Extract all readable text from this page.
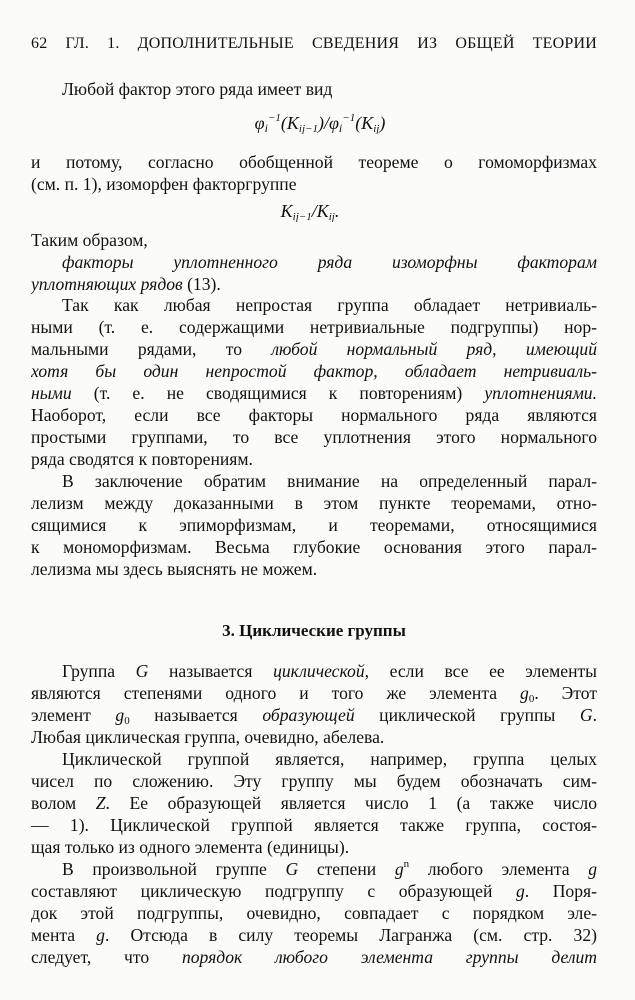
62 ГЛ. 1. ДОПОЛНИТЕЛЬНЫЕ СВЕДЕНИЯ ИЗ ОБЩЕЙ ТЕОРИИ
Любой фактор этого ряда имеет вид
$\varphi_i^{-1}(K_{ij-1})/\varphi_i^{-1}(K_{ij})$
и потому, согласно обобщенной теореме о гомоморфизмах
(см. п. 1), изоморфен факторгруппе
$K_{ij-1}/K_{ij}$.
Таким образом,
факторы уплотненного ряда изоморфны факторам
уплотняющих рядов (13).
Так как любая непростая группа обладает нетривиаль-
ными (т. е. содержащими нетривиальные подгруппы) нор-
мальными рядами, то любой нормальный ряд, имеющий
хотя бы один непростой фактор, обладает нетривиаль-
ными (т. е. не сводящимися к повторениям) уплотнениями.
Наоборот, если все факторы нормального ряда являются
простыми группами, то все уплотнения этого нормального
ряда сводятся к повторениям.
В заключение обратим внимание на определенный парал-
лелизм между доказанными в этом пункте теоремами, отно-
сящимися к эпиморфизмам, и теоремами, относящимися
к мономорфизмам. Весьма глубокие основания этого парал-
лелизма мы здесь выяснять не можем.
3. Циклические группы
Группа G называется циклической, если все ее элементы
являются степенями одного и того же элемента $g_0$. Этот
элемент $g_0$ называется образующей циклической группы G.
Любая циклическая группа, очевидно, абелева.
Циклической группой является, например, группа целых
чисел по сложению. Эту группу мы будем обозначать сим-
волом Z. Ее образующей является число 1 (а также число
— 1). Циклической группой является также группа, состоя-
щая только из одного элемента (единицы).
В произвольной группе G степени $g^n$ любого элемента g
составляют циклическую подгруппу с образующей g. Поря-
док этой подгруппы, очевидно, совпадает с порядком эле-
мента g. Отсюда в силу теоремы Лагранжа (см. стр. 32)
следует, что порядок любого элемента группы делит
